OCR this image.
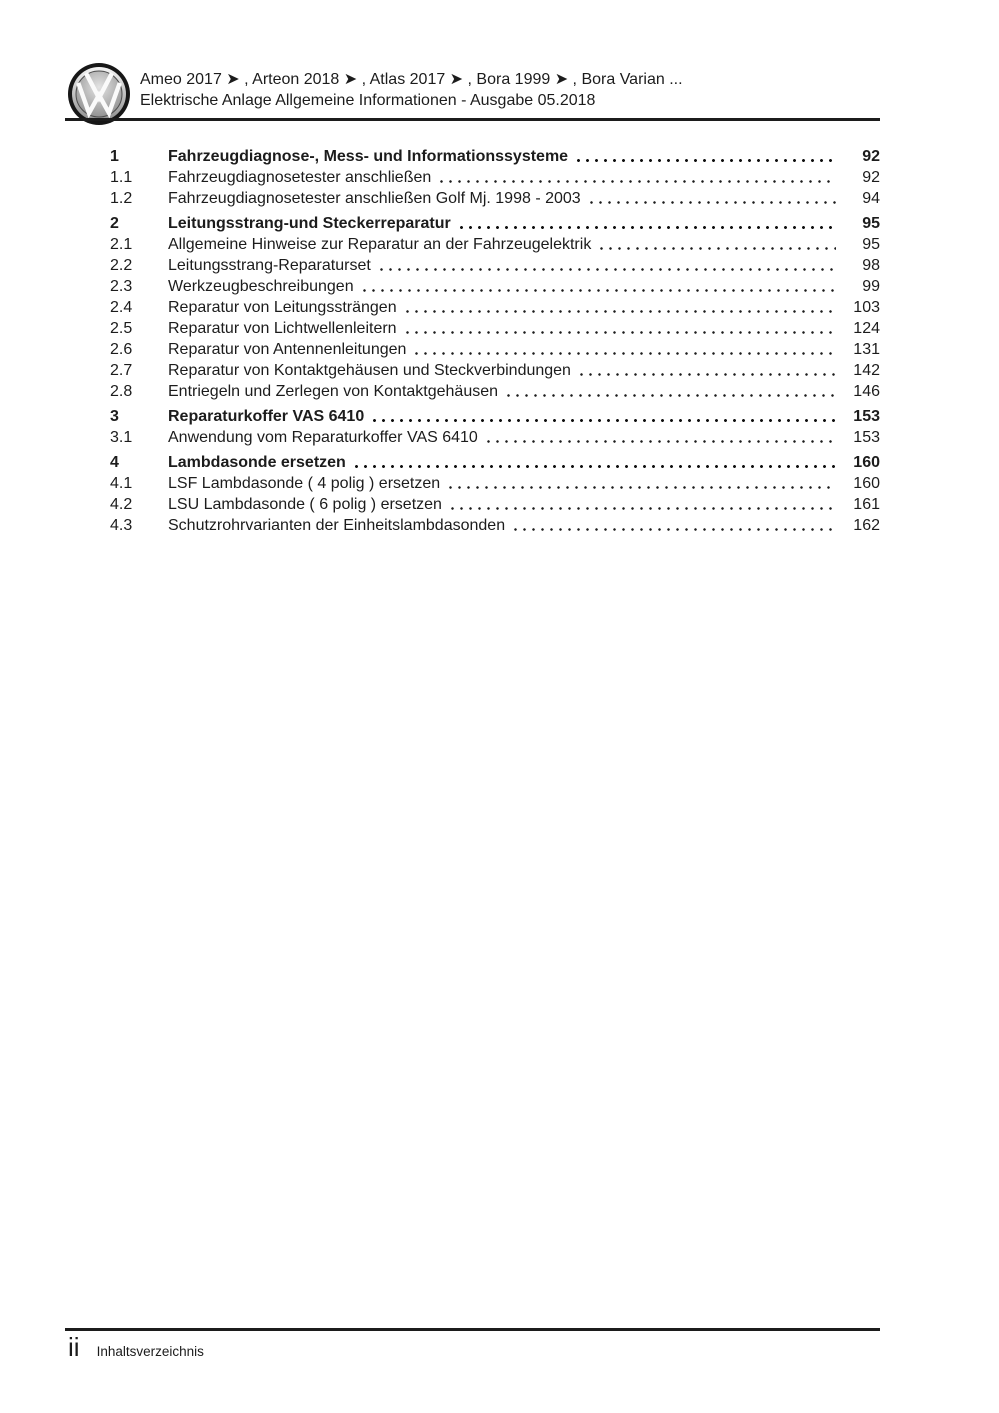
Ameo 2017 ➤ , Arteon 2018 ➤ , Atlas 2017 ➤ , Bora 1999 ➤ , Bora Varian ...
Elektrische Anlage Allgemeine Informationen - Ausgabe 05.2018
1	Fahrzeugdiagnose-, Mess- und Informationssysteme	92
1.1	Fahrzeugdiagnosetester anschließen	92
1.2	Fahrzeugdiagnosetester anschließen Golf Mj. 1998 - 2003	94
2	Leitungsstrang-und Steckerreparatur	95
2.1	Allgemeine Hinweise zur Reparatur an der Fahrzeugelektrik	95
2.2	Leitungsstrang-Reparaturset	98
2.3	Werkzeugbeschreibungen	99
2.4	Reparatur von Leitungssträngen	103
2.5	Reparatur von Lichtwellenleitern	124
2.6	Reparatur von Antennenleitungen	131
2.7	Reparatur von Kontaktgehäusen und Steckverbindungen	142
2.8	Entriegeln und Zerlegen von Kontaktgehäusen	146
3	Reparaturkoffer VAS 6410	153
3.1	Anwendung vom Reparaturkoffer VAS 6410	153
4	Lambdasonde ersetzen	160
4.1	LSF Lambdasonde ( 4 polig ) ersetzen	160
4.2	LSU Lambdasonde ( 6 polig ) ersetzen	161
4.3	Schutzrohrvarianten der Einheitslambdasonden	162
ii Inhaltsverzeichnis
